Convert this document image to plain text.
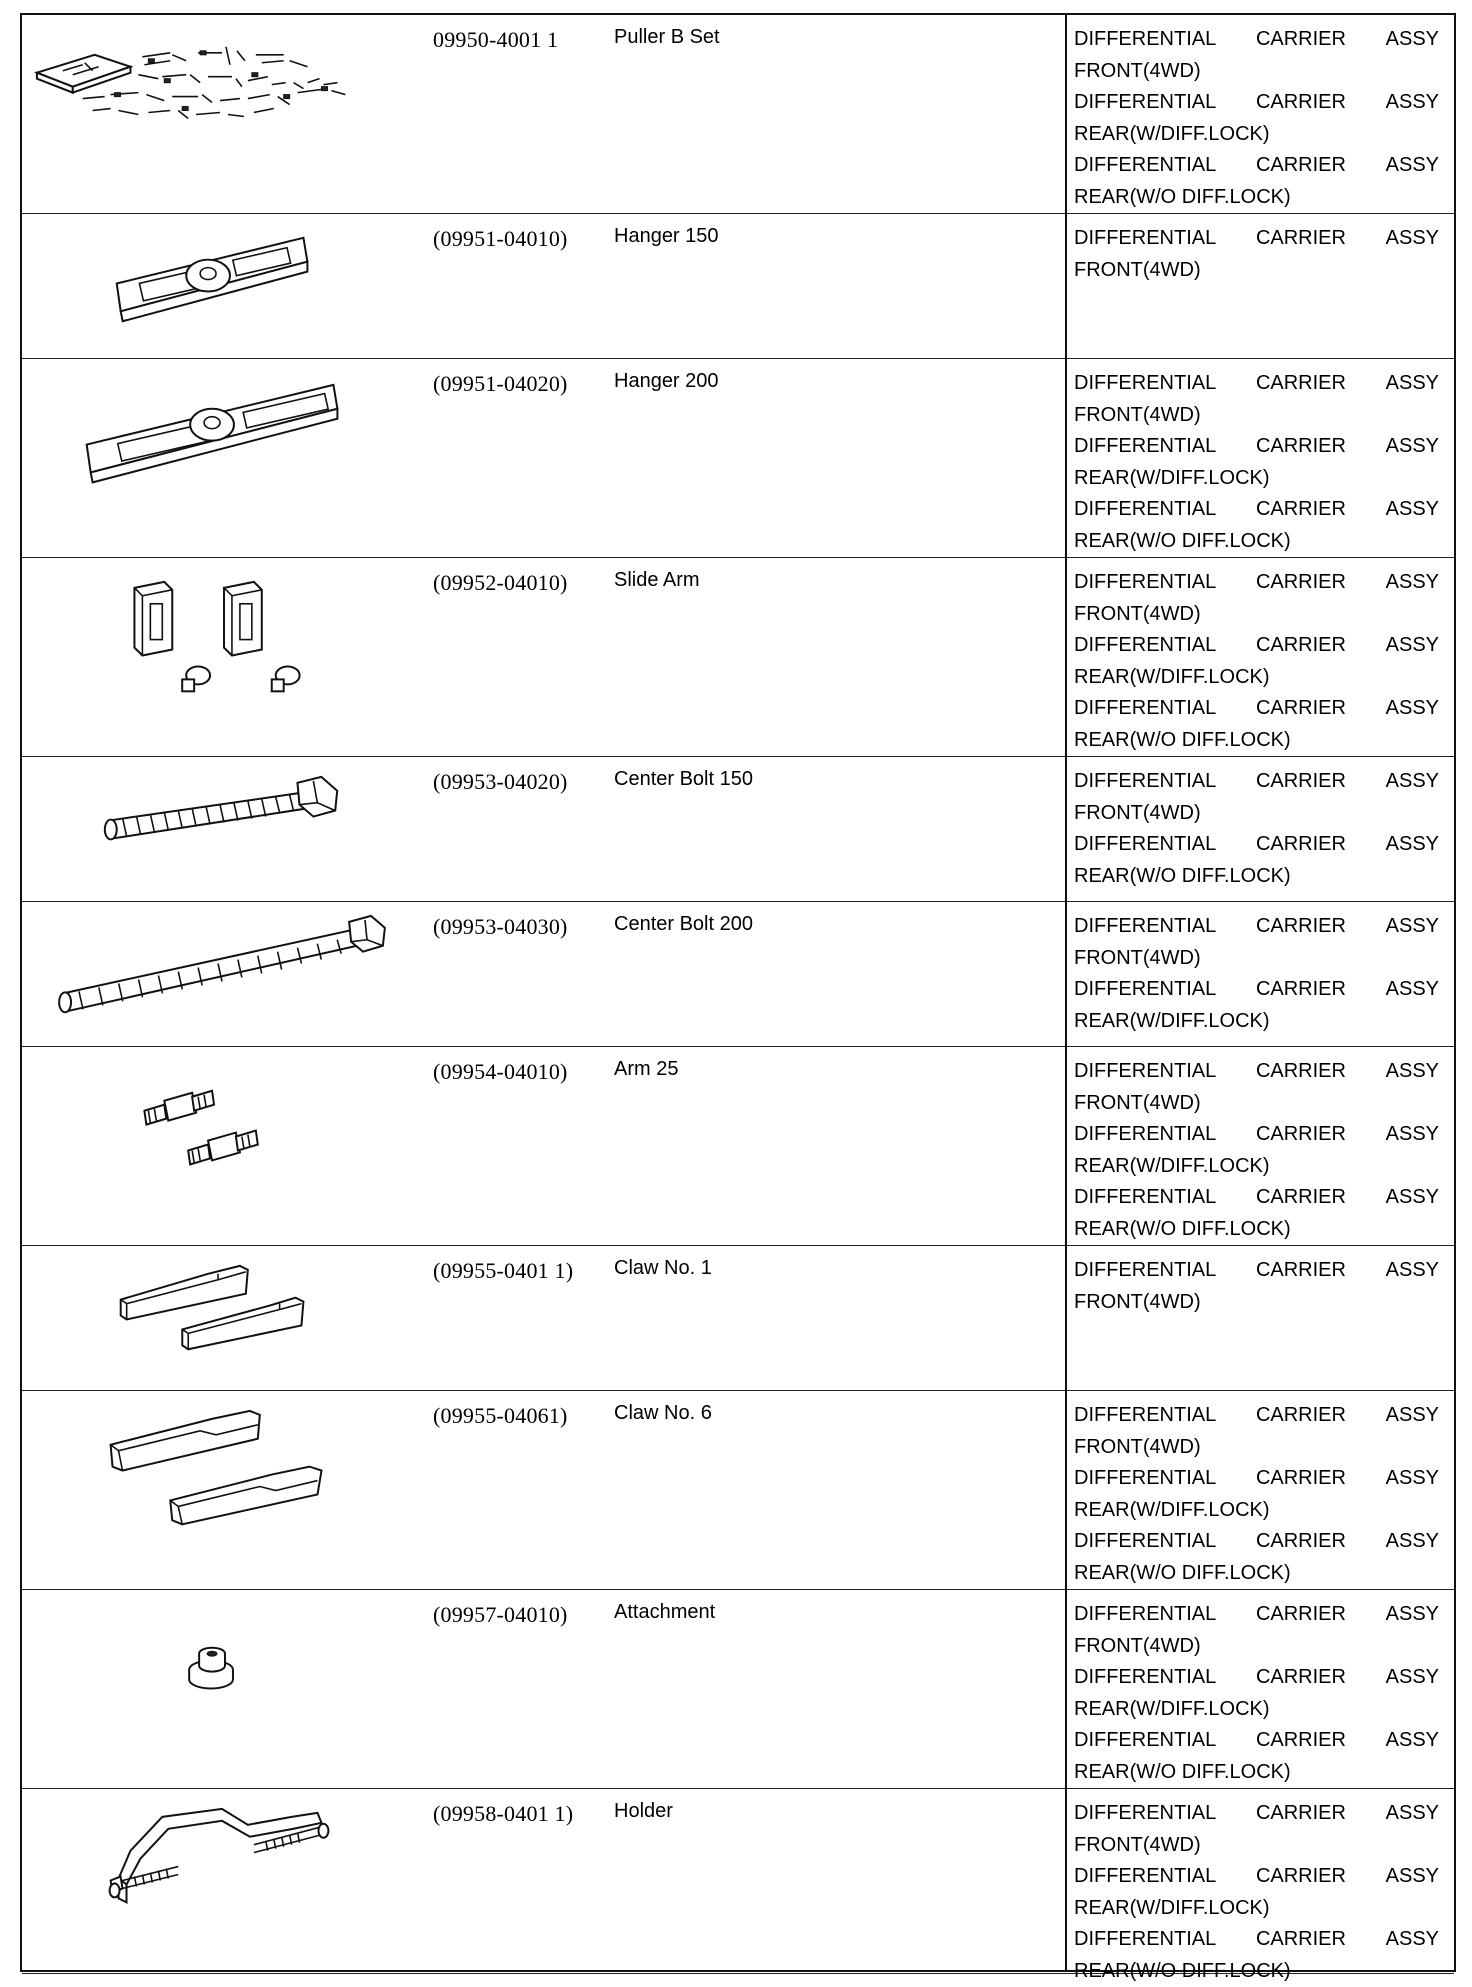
09950-4001 1	Puller B Set	DIFFERENTIAL CARRIER ASSY
FRONT(4WD)
DIFFERENTIAL CARRIER ASSY
REAR(W/DIFF.LOCK)
DIFFERENTIAL CARRIER ASSY
REAR(W/O DIFF.LOCK)
(09951-04010) Hanger 150	DIFFERENTIAL CARRIER ASSY
FRONT(4WD)
(09951-04020) Hanger 200	DIFFERENTIAL CARRIER ASSY
FRONT(4WD)
DIFFERENTIAL CARRIER ASSY
REAR(W/DIFF.LOCK)
DIFFERENTIAL CARRIER ASSY
REAR(W/O DIFF.LOCK)
(09952-04010) Slide Arm	DIFFERENTIAL CARRIER ASSY
FRONT(4WD)
DIFFERENTIAL CARRIER ASSY
REAR(W/DIFF.LOCK)
DIFFERENTIAL CARRIER ASSY
REAR(W/O DIFF.LOCK)
(09953-04020) Center Bolt 150	DIFFERENTIAL CARRIER ASSY
FRONT(4WD)
DIFFERENTIAL CARRIER ASSY
REAR(W/O DIFF.LOCK)
(09953-04030) Center Bolt 200	DIFFERENTIAL CARRIER ASSY
FRONT(4WD)
DIFFERENTIAL CARRIER ASSY
REAR(W/DIFF.LOCK)
(09954-04010) Arm 25	DIFFERENTIAL CARRIER ASSY
FRONT(4WD)
DIFFERENTIAL CARRIER ASSY
REAR(W/DIFF.LOCK)
DIFFERENTIAL CARRIER ASSY
REAR(W/O DIFF.LOCK)
(09955-0401 1) Claw No. 1	DIFFERENTIAL CARRIER ASSY
FRONT(4WD)
(09955-04061) Claw No. 6	DIFFERENTIAL CARRIER ASSY
FRONT(4WD)
DIFFERENTIAL CARRIER ASSY
REAR(W/DIFF.LOCK)
DIFFERENTIAL CARRIER ASSY
REAR(W/O DIFF.LOCK)
(09957-04010) Attachment	DIFFERENTIAL CARRIER ASSY
FRONT(4WD)
DIFFERENTIAL CARRIER ASSY
REAR(W/DIFF.LOCK)
DIFFERENTIAL CARRIER ASSY
REAR(W/O DIFF.LOCK)
(09958-0401 1) Holder	DIFFERENTIAL CARRIER ASSY
FRONT(4WD)
DIFFERENTIAL CARRIER ASSY
REAR(W/DIFF.LOCK)
DIFFERENTIAL CARRIER ASSY
REAR(W/O DIFF.LOCK)
